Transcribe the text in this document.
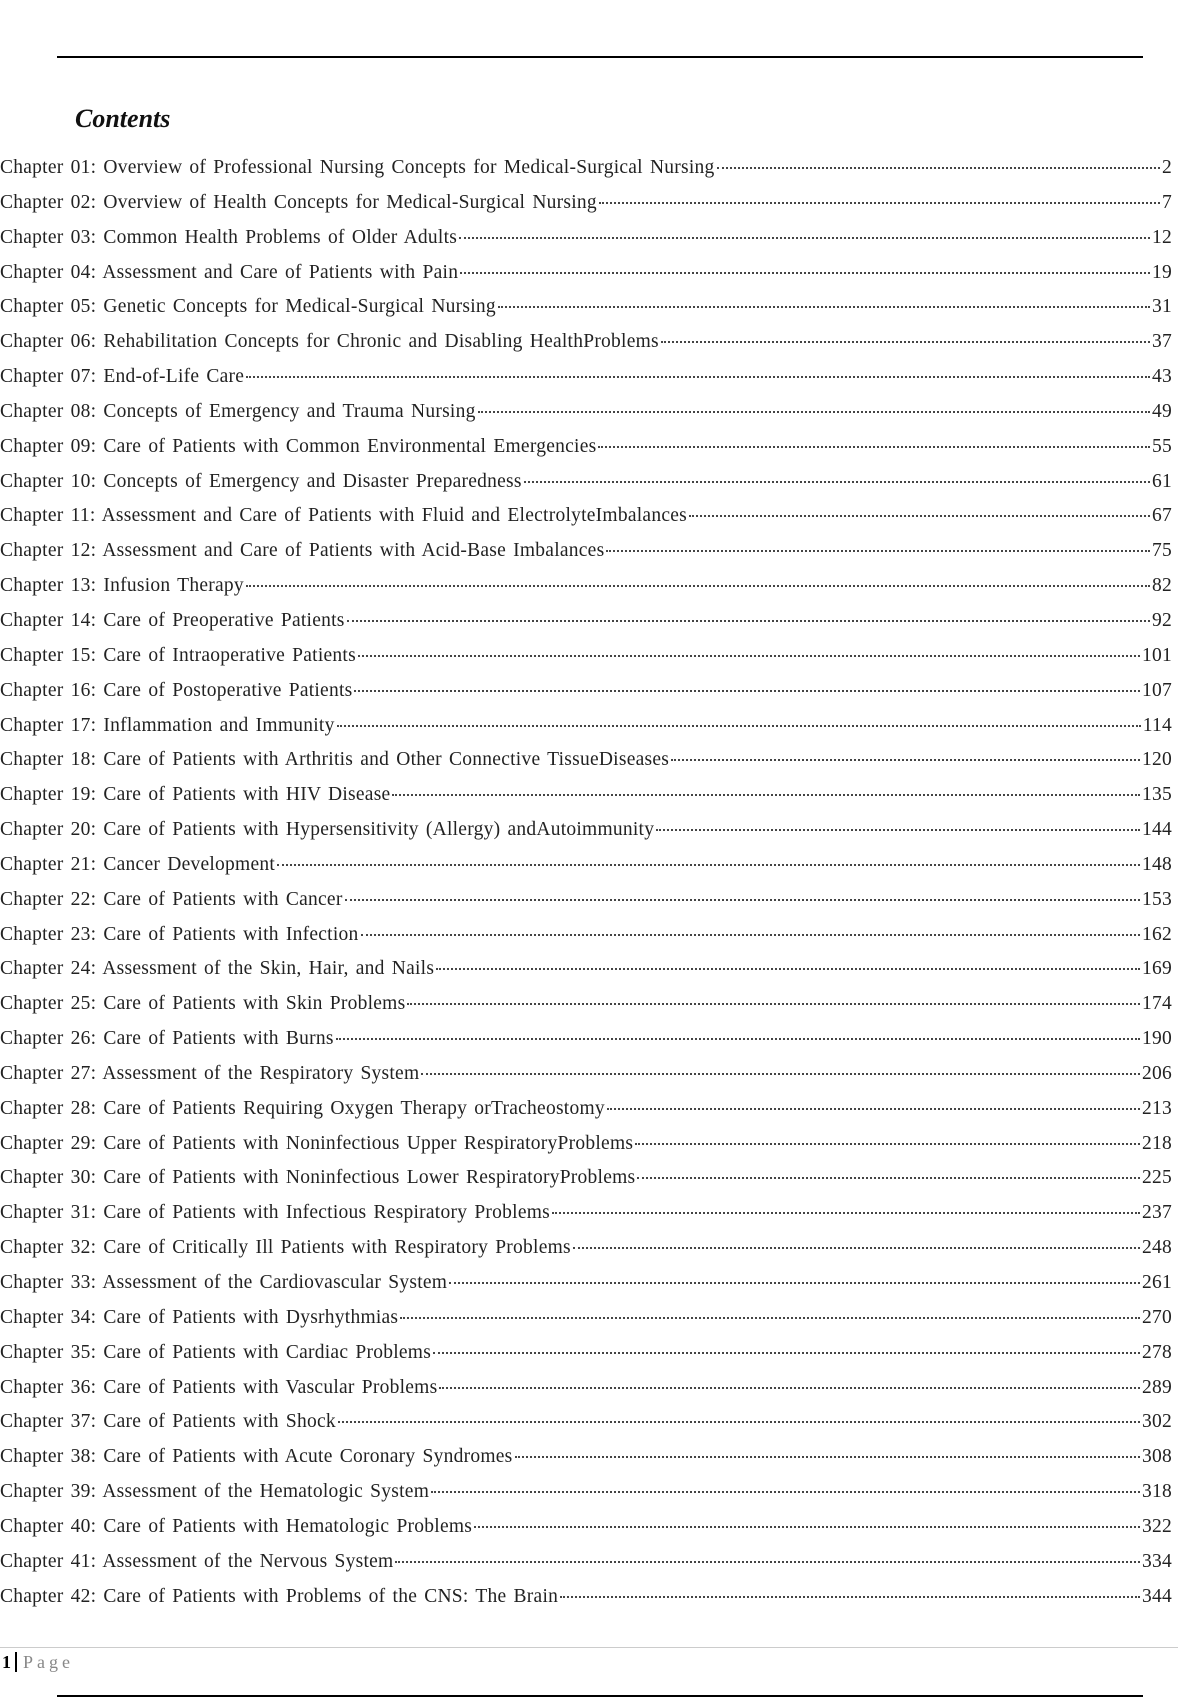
Contents
Chapter 01: Overview of Professional Nursing Concepts for Medical-Surgical Nursing	2
Chapter 02: Overview of Health Concepts for Medical-Surgical Nursing	7
Chapter 03: Common Health Problems of Older Adults	12
Chapter 04: Assessment and Care of Patients with Pain	19
Chapter 05: Genetic Concepts for Medical-Surgical Nursing	31
Chapter 06: Rehabilitation Concepts for Chronic and Disabling HealthProblems	37
Chapter 07: End-of-Life Care	43
Chapter 08: Concepts of Emergency and Trauma Nursing	49
Chapter 09: Care of Patients with Common Environmental Emergencies	55
Chapter 10: Concepts of Emergency and Disaster Preparedness	61
Chapter 11: Assessment and Care of Patients with Fluid and ElectrolyteImbalances	67
Chapter 12: Assessment and Care of Patients with Acid-Base Imbalances	75
Chapter 13: Infusion Therapy	82
Chapter 14: Care of Preoperative Patients	92
Chapter 15: Care of Intraoperative Patients	101
Chapter 16: Care of Postoperative Patients	107
Chapter 17: Inflammation and Immunity	114
Chapter 18: Care of Patients with Arthritis and Other Connective TissueDiseases	120
Chapter 19: Care of Patients with HIV Disease	135
Chapter 20: Care of Patients with Hypersensitivity (Allergy) andAutoimmunity	144
Chapter 21: Cancer Development	148
Chapter 22: Care of Patients with Cancer	153
Chapter 23: Care of Patients with Infection	162
Chapter 24: Assessment of the Skin, Hair, and Nails	169
Chapter 25: Care of Patients with Skin Problems	174
Chapter 26: Care of Patients with Burns	190
Chapter 27: Assessment of the Respiratory System	206
Chapter 28: Care of Patients Requiring Oxygen Therapy orTracheostomy	213
Chapter 29: Care of Patients with Noninfectious Upper RespiratoryProblems	218
Chapter 30: Care of Patients with Noninfectious Lower RespiratoryProblems	225
Chapter 31: Care of Patients with Infectious Respiratory Problems	237
Chapter 32: Care of Critically Ill Patients with Respiratory Problems	248
Chapter 33: Assessment of the Cardiovascular System	261
Chapter 34: Care of Patients with Dysrhythmias	270
Chapter 35: Care of Patients with Cardiac Problems	278
Chapter 36: Care of Patients with Vascular Problems	289
Chapter 37: Care of Patients with Shock	302
Chapter 38: Care of Patients with Acute Coronary Syndromes	308
Chapter 39: Assessment of the Hematologic System	318
Chapter 40: Care of Patients with Hematologic Problems	322
Chapter 41: Assessment of the Nervous System	334
Chapter 42: Care of Patients with Problems of the CNS: The Brain	344
1 Page
